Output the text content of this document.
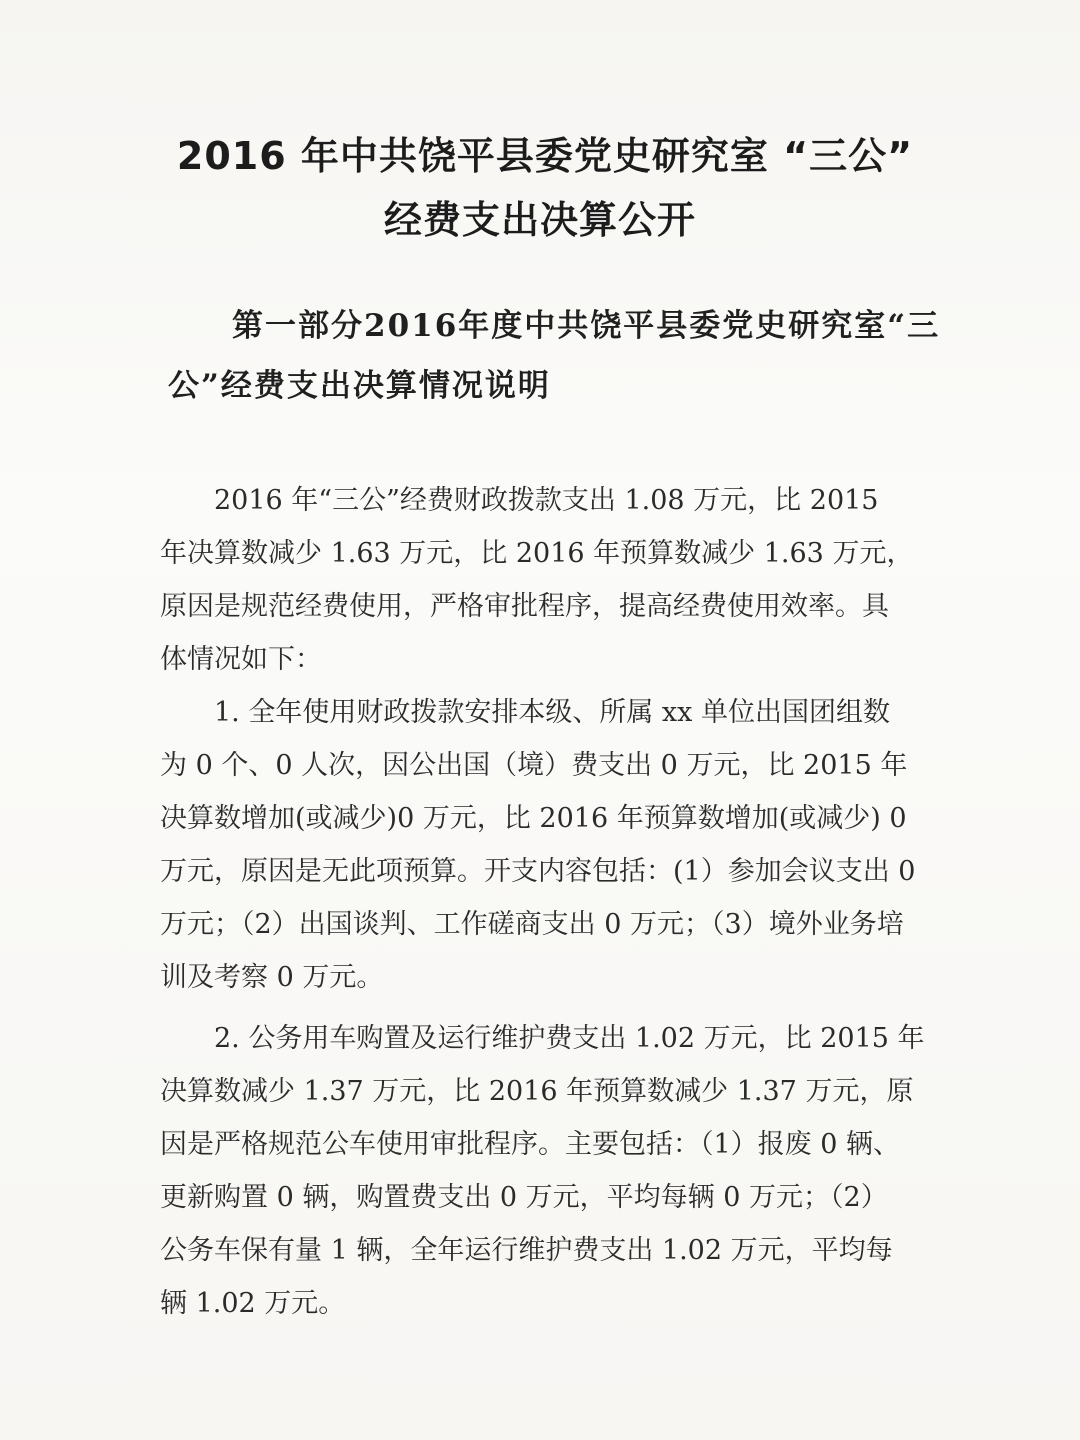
2016 年中共饶平县委党史研究室 “三公”
经费支出决算公开
第一部分2016年度中共饶平县委党史研究室“三
公”经费支出决算情况说明

2016 年“三公”经费财政拨款支出 1.08 万元，比 2015
年决算数减少 1.63 万元，比 2016 年预算数减少 1.63 万元，
原因是规范经费使用，严格审批程序，提高经费使用效率。具
体情况如下：

1. 全年使用财政拨款安排本级、所属 xx 单位出国团组数
为 0 个、0 人次，因公出国（境）费支出 0 万元，比 2015 年
决算数增加(或减少)0 万元，比 2016 年预算数增加(或减少) 0
万元，原因是无此项预算。开支内容包括：(1）参加会议支出 0
万元；（2）出国谈判、工作磋商支出 0 万元；（3）境外业务培
训及考察 0 万元。

2. 公务用车购置及运行维护费支出 1.02 万元，比 2015 年
决算数减少 1.37 万元，比 2016 年预算数减少 1.37 万元，原
因是严格规范公车使用审批程序。主要包括：（1）报废 0 辆、
更新购置 0 辆，购置费支出 0 万元，平均每辆 0 万元；（2）
公务车保有量 1 辆，全年运行维护费支出 1.02 万元，平均每
辆 1.02 万元。
